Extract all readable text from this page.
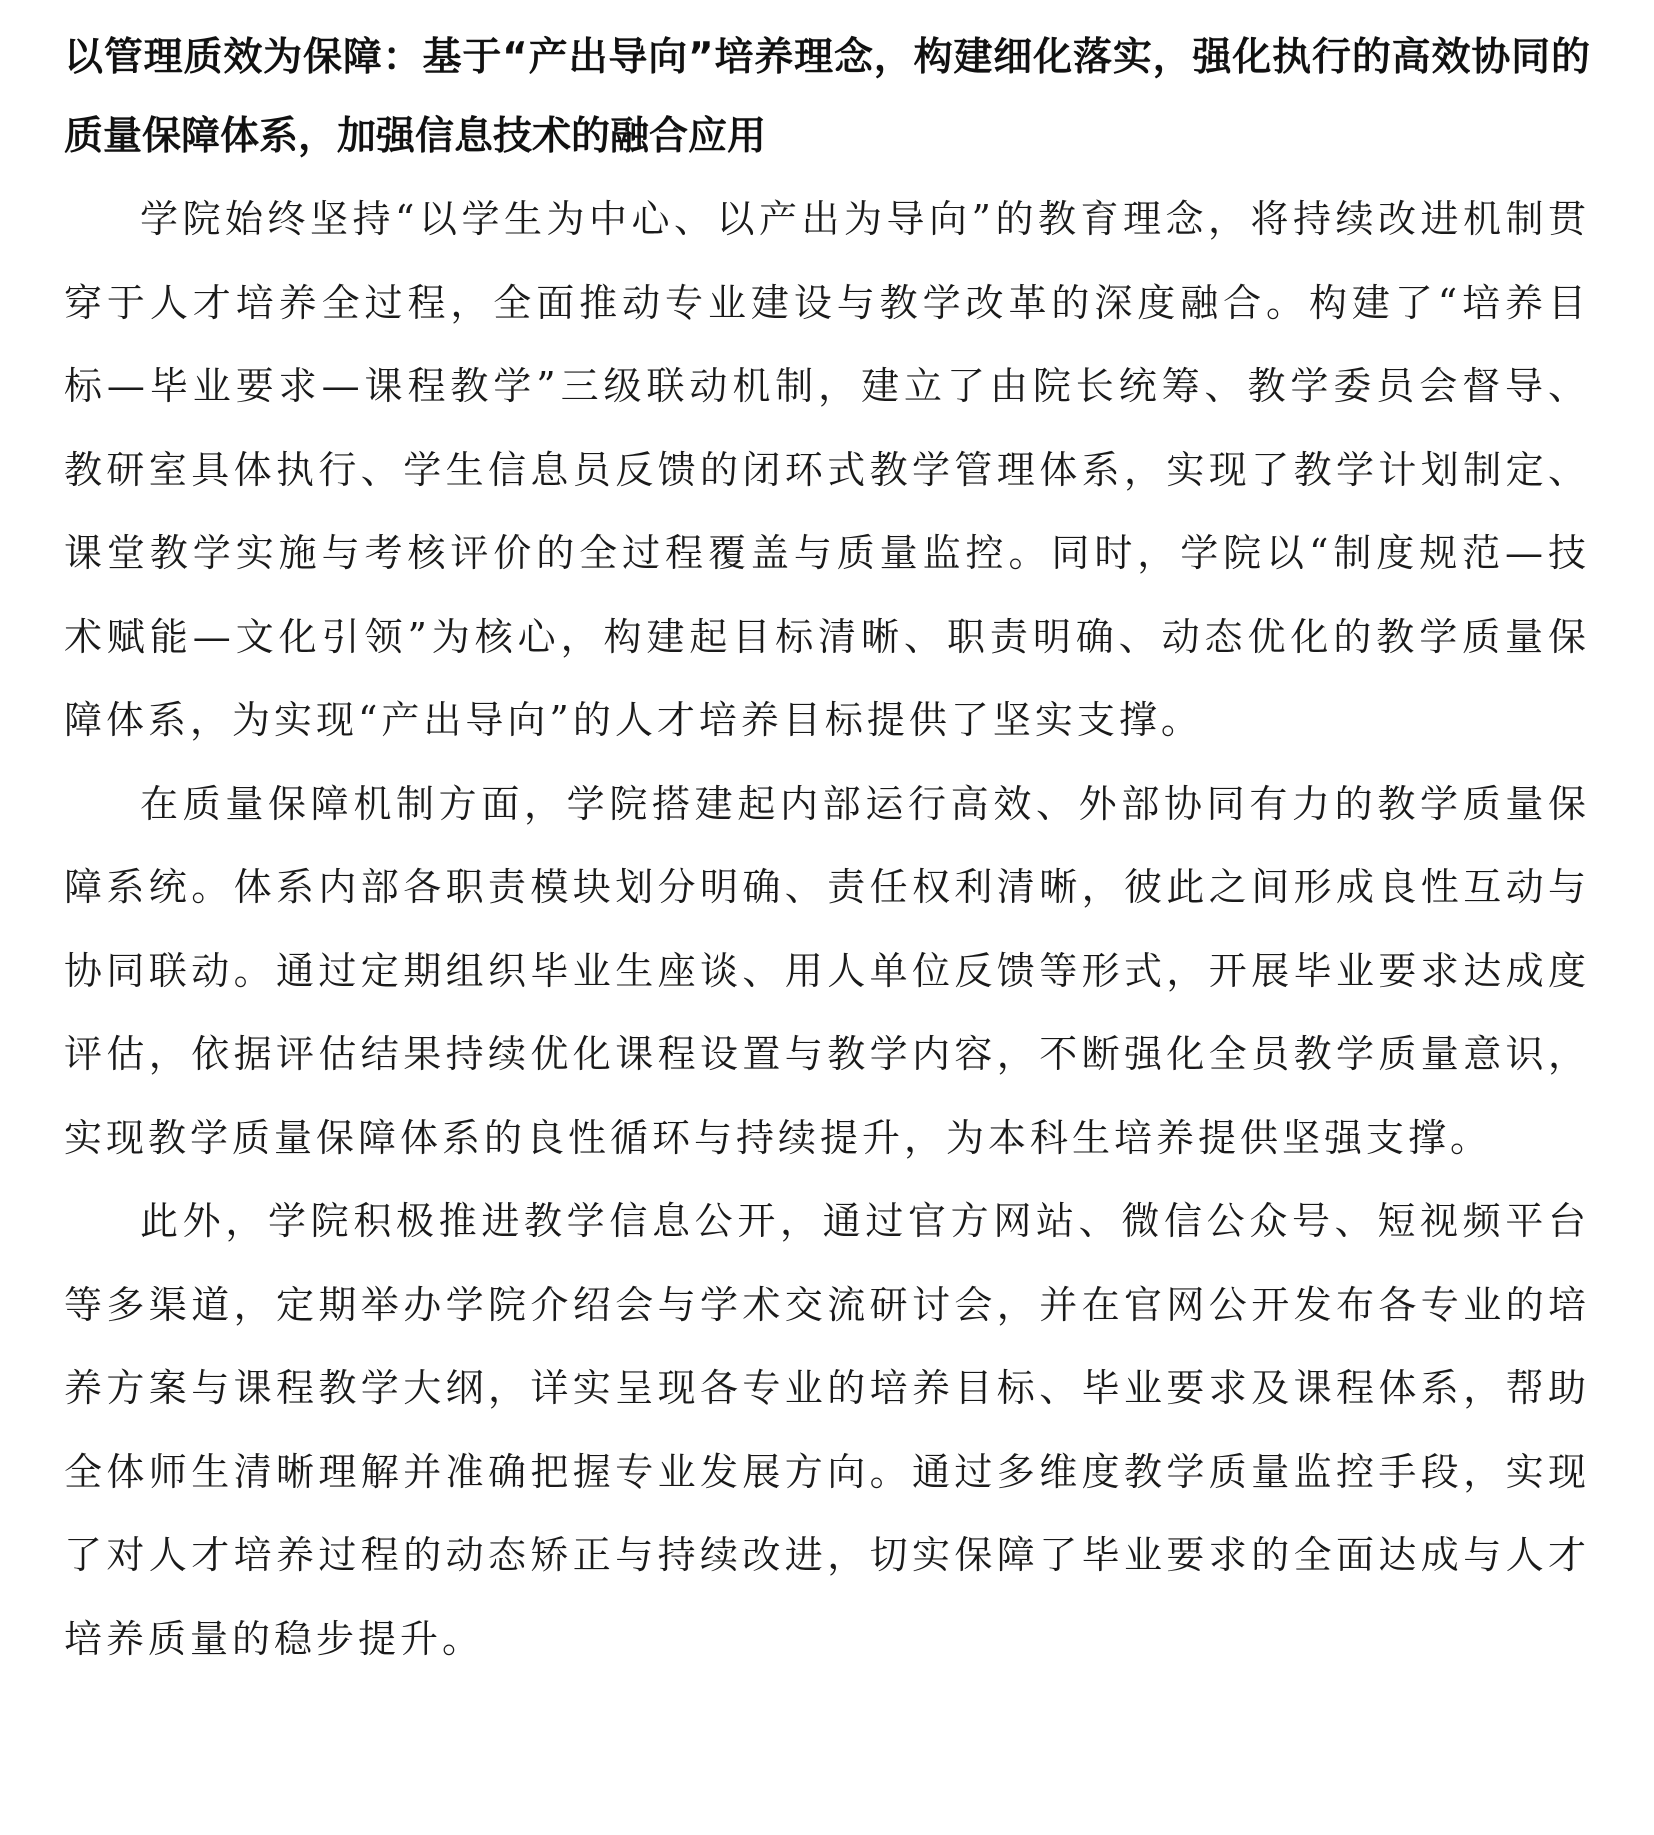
以管理质效为保障：基于“产出导向”培养理念，构建细化落实，强化执行的高效协同的质量保障体系，加强信息技术的融合应用

学院始终坚持“以学生为中心、以产出为导向”的教育理念，将持续改进机制贯穿于人才培养全过程，全面推动专业建设与教学改革的深度融合。构建了“培养目标—毕业要求—课程教学”三级联动机制，建立了由院长统筹、教学委员会督导、教研室具体执行、学生信息员反馈的闭环式教学管理体系，实现了教学计划制定、课堂教学实施与考核评价的全过程覆盖与质量监控。同时，学院以“制度规范—技术赋能—文化引领”为核心，构建起目标清晰、职责明确、动态优化的教学质量保障体系，为实现“产出导向”的人才培养目标提供了坚实支撑。

在质量保障机制方面，学院搭建起内部运行高效、外部协同有力的教学质量保障系统。体系内部各职责模块划分明确、责任权利清晰，彼此之间形成良性互动与协同联动。通过定期组织毕业生座谈、用人单位反馈等形式，开展毕业要求达成度评估，依据评估结果持续优化课程设置与教学内容，不断强化全员教学质量意识，实现教学质量保障体系的良性循环与持续提升，为本科生培养提供坚强支撑。

此外，学院积极推进教学信息公开，通过官方网站、微信公众号、短视频平台等多渠道，定期举办学院介绍会与学术交流研讨会，并在官网公开发布各专业的培养方案与课程教学大纲，详实呈现各专业的培养目标、毕业要求及课程体系，帮助全体师生清晰理解并准确把握专业发展方向。通过多维度教学质量监控手段，实现了对人才培养过程的动态矫正与持续改进，切实保障了毕业要求的全面达成与人才培养质量的稳步提升。
